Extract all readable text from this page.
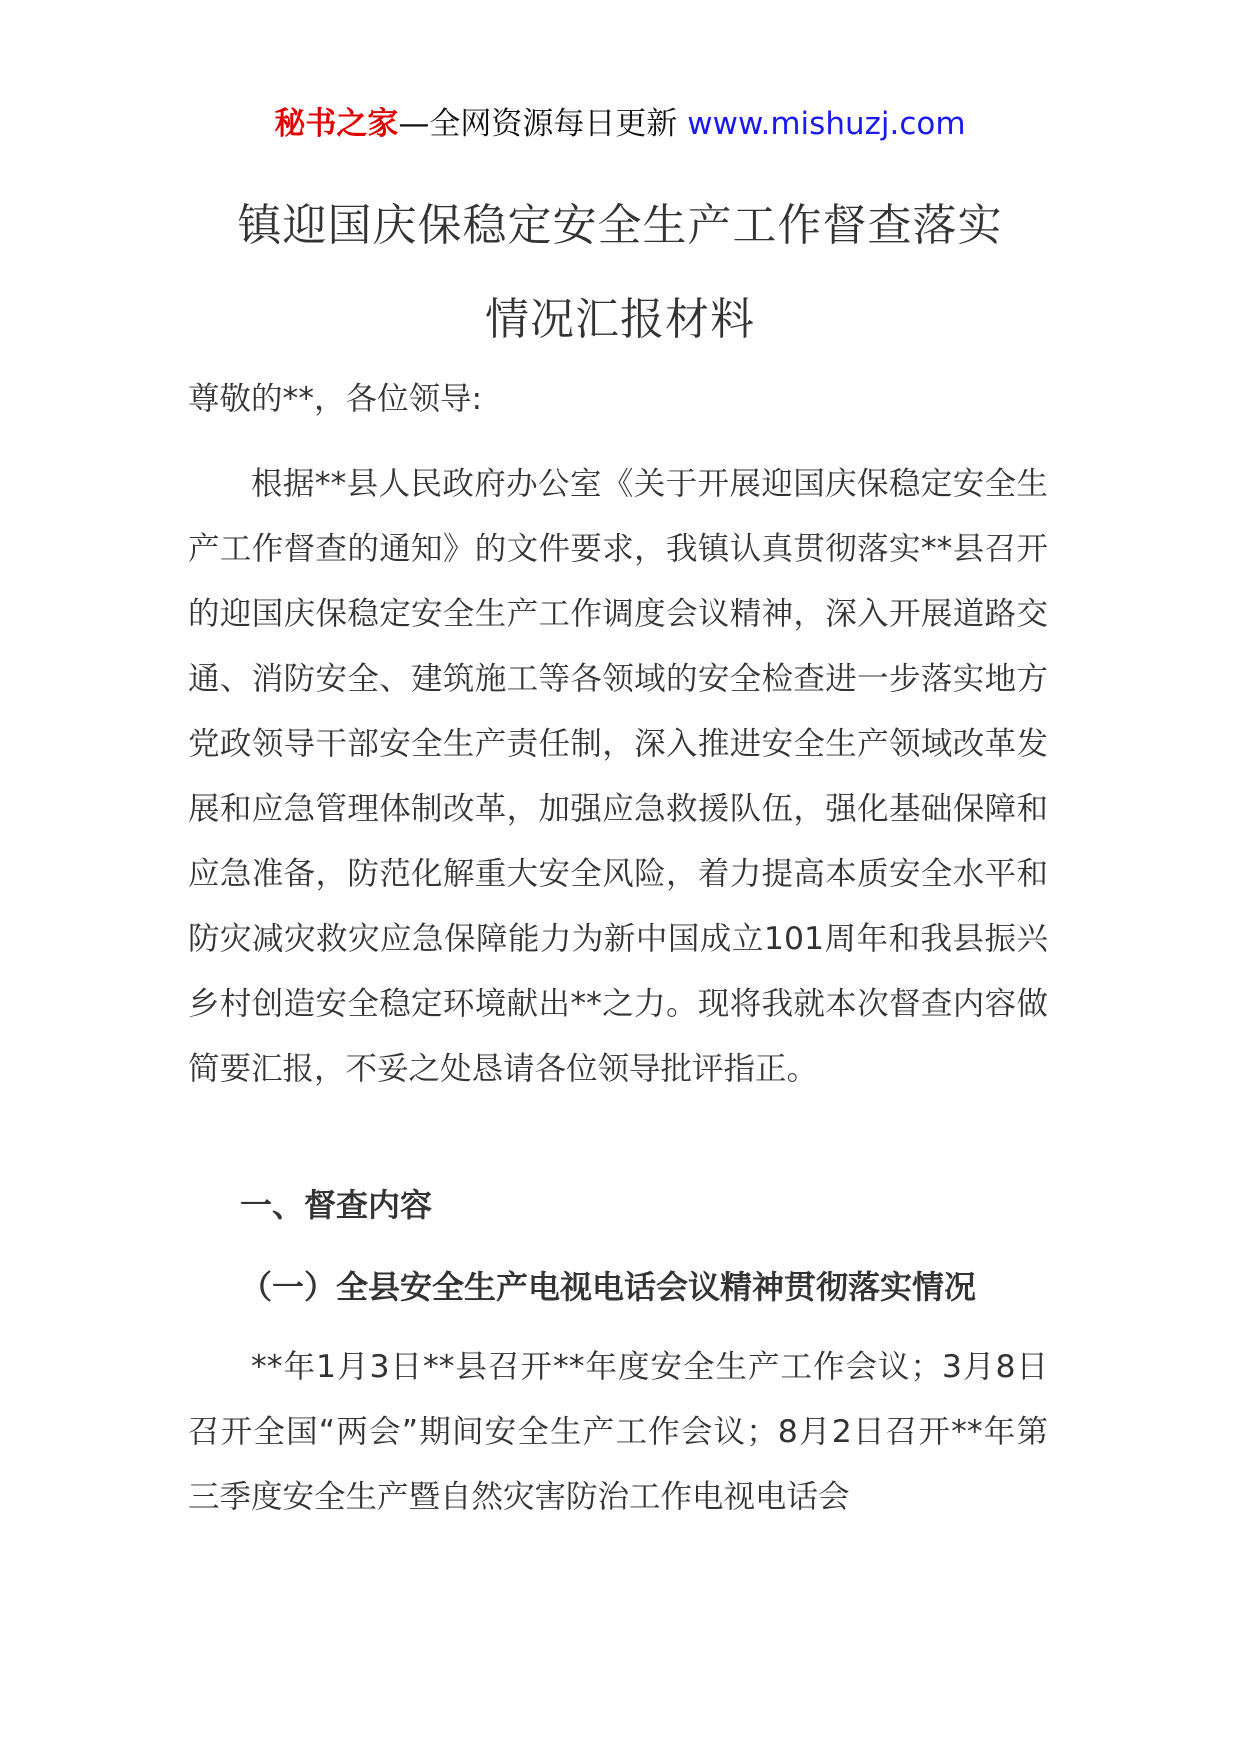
秘书之家—全网资源每日更新 www.mishuzj.com
镇迎国庆保稳定安全生产工作督查落实
情况汇报材料
尊敬的**，各位领导:
根据**县人民政府办公室《关于开展迎国庆保稳定安全生产工作督查的通知》的文件要求，我镇认真贯彻落实**县召开的迎国庆保稳定安全生产工作调度会议精神，深入开展道路交通、消防安全、建筑施工等各领域的安全检查进一步落实地方党政领导干部安全生产责任制，深入推进安全生产领域改革发展和应急管理体制改革，加强应急救援队伍，强化基础保障和应急准备，防范化解重大安全风险，着力提高本质安全水平和防灾减灾救灾应急保障能力为新中国成立101周年和我县振兴乡村创造安全稳定环境献出**之力。现将我就本次督查内容做简要汇报，不妥之处恳请各位领导批评指正。
一、督查内容
（一）全县安全生产电视电话会议精神贯彻落实情况
**年1月3日**县召开**年度安全生产工作会议；3月8日召开全国“两会”期间安全生产工作会议；8月2日召开**年第三季度安全生产暨自然灾害防治工作电视电话会
